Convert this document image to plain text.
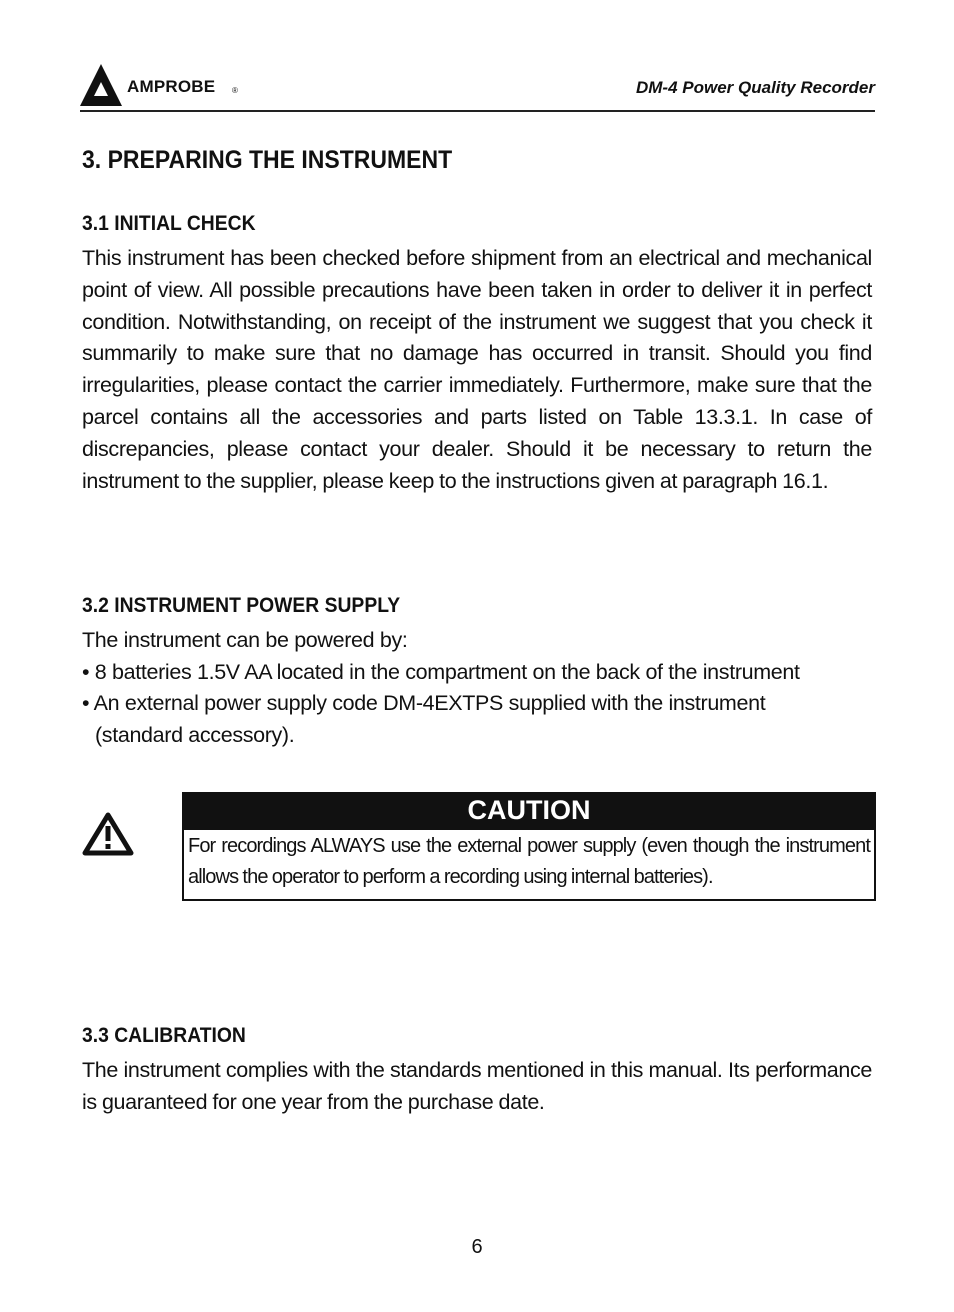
AMPROBE ®	DM-4 Power Quality Recorder
3. PREPARING THE INSTRUMENT
3.1 INITIAL CHECK

This instrument has been checked before shipment from an electrical and mechanical point of view. All possible precautions have been taken in order to deliver it in perfect condition. Notwithstanding, on receipt of the instrument we suggest that you check it summarily to make sure that no damage has occurred in transit. Should you find irregularities, please contact the carrier immediately. Furthermore, make sure that the parcel contains all the accessories and parts listed on Table 13.3.1. In case of discrepancies, please contact your dealer. Should it be necessary to return the instrument to the supplier, please keep to the instructions given at paragraph 16.1.

3.2 INSTRUMENT POWER SUPPLY

The instrument can be powered by:

• 8 batteries 1.5V AA located in the compartment on the back of the instrument

• An external power supply code DM-4EXTPS supplied with the instrument

(standard accessory).

3.3 CALIBRATION

The instrument complies with the standards mentioned in this manual. Its performance is guaranteed for one year from the purchase date.

CAUTION
For recordings ALWAYS use the external power supply (even though the instrument allows the operator to perform a recording using internal batteries).
6
